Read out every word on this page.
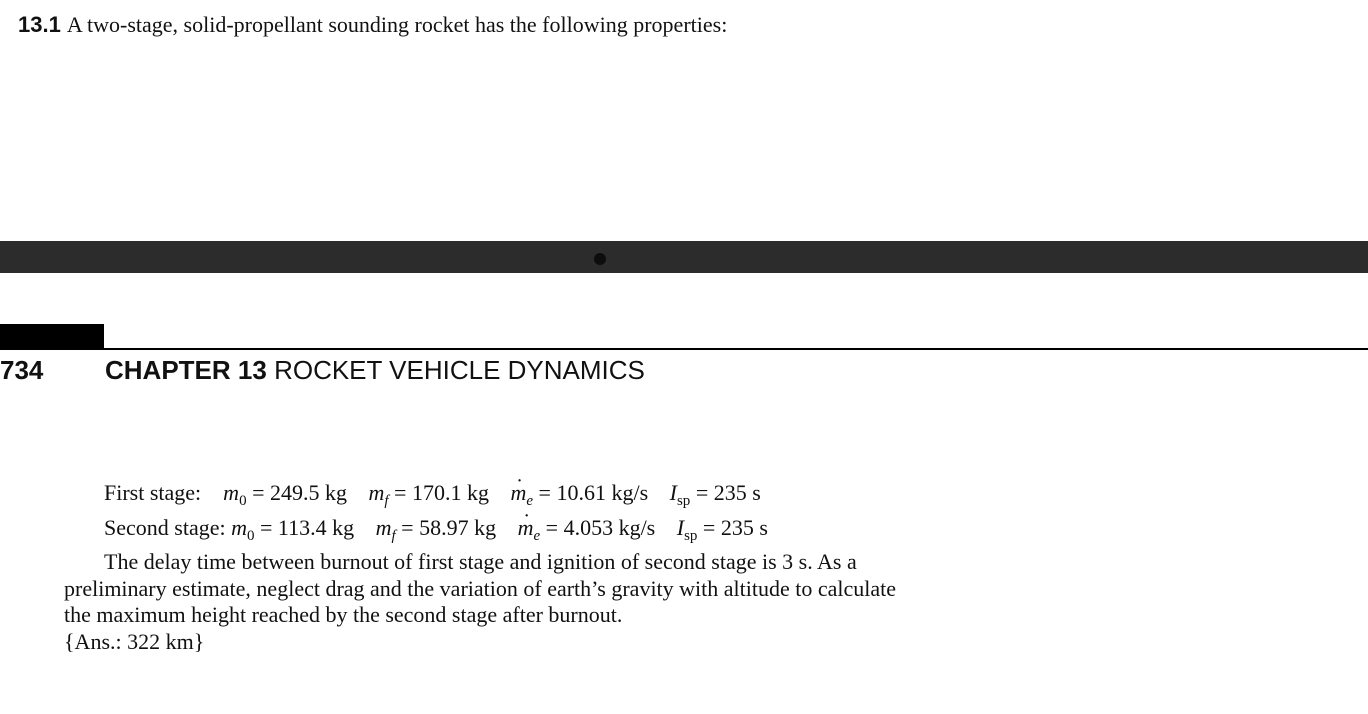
13.1 A two-stage, solid-propellant sounding rocket has the following properties:
734 CHAPTER 13 ROCKET VEHICLE DYNAMICS
First stage: $m_0 = 249.5$ kg $m_f = 170.1$ kg m $̇_e = 10.61$ kg/s $I_{sp} = 235$ s
Second stage: $m_0 = 113.4$ kg $m_f = 58.97$ kg m $̇_e = 4.053$ kg/s $I_{sp} = 235$ s
The delay time between burnout of first stage and ignition of second stage is 3 s. As a
preliminary estimate, neglect drag and the variation of earth’s gravity with altitude to calculate
the maximum height reached by the second stage after burnout.
{Ans.: 322 km}
